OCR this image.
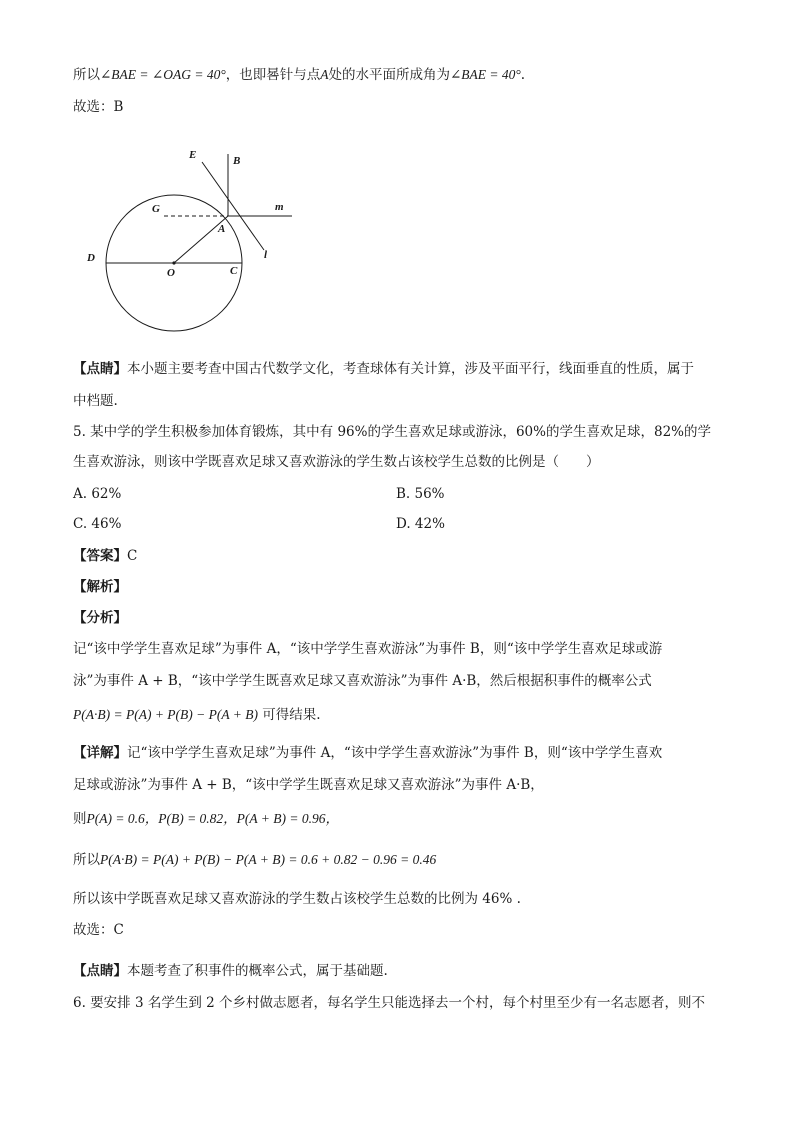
所以∠BAE = ∠OAG = 40°，也即晷针与点A处的水平面所成角为∠BAE = 40°.
故选：B
E	B
G	m
A
D
O	C
l
【点睛】本小题主要考查中国古代数学文化，考查球体有关计算，涉及平面平行，线面垂直的性质，属于
中档题.
5. 某中学的学生积极参加体育锻炼，其中有 96%的学生喜欢足球或游泳，60%的学生喜欢足球，82%的学
生喜欢游泳，则该中学既喜欢足球又喜欢游泳的学生数占该校学生总数的比例是（　　）
A. 62%	B. 56%
C. 46%	D. 42%
【答案】C
【解析】
【分析】
记“该中学学生喜欢足球”为事件 A，“该中学学生喜欢游泳”为事件 B，则“该中学学生喜欢足球或游
泳”为事件 A + B，“该中学学生既喜欢足球又喜欢游泳”为事件 A·B，然后根据积事件的概率公式
P(A·B) = P(A) + P(B) − P(A + B) 可得结果.
【详解】记“该中学学生喜欢足球”为事件 A，“该中学学生喜欢游泳”为事件 B，则“该中学学生喜欢
足球或游泳”为事件 A + B，“该中学学生既喜欢足球又喜欢游泳”为事件 A·B，
则P(A) = 0.6，P(B) = 0.82，P(A + B) = 0.96，
所以P(A·B) = P(A) + P(B) − P(A + B) = 0.6 + 0.82 − 0.96 = 0.46
所以该中学既喜欢足球又喜欢游泳的学生数占该校学生总数的比例为 46% .
故选：C
【点睛】本题考查了积事件的概率公式，属于基础题.
6. 要安排 3 名学生到 2 个乡村做志愿者，每名学生只能选择去一个村，每个村里至少有一名志愿者，则不
